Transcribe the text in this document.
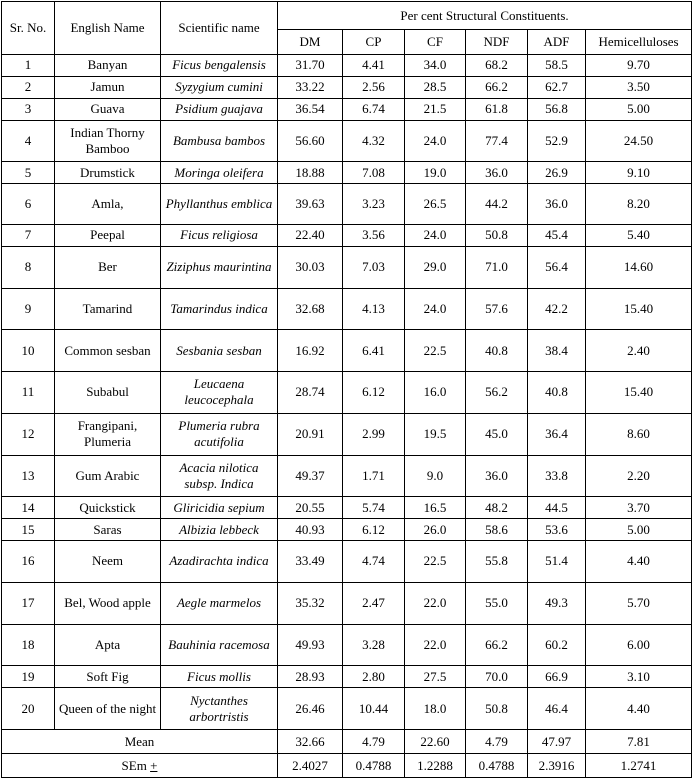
Sr. No.	English Name	Scientific name	Per cent Structural Constituents.					
			DM	CP	CF	NDF	ADF	Hemicelluloses
1	Banyan	Ficus bengalensis	31.70	4.41	34.0	68.2	58.5	9.70
2	Jamun	Syzygium cumini	33.22	2.56	28.5	66.2	62.7	3.50
3	Guava	Psidium guajava	36.54	6.74	21.5	61.8	56.8	5.00
4	Indian Thorny Bamboo	Bambusa bambos	56.60	4.32	24.0	77.4	52.9	24.50
5	Drumstick	Moringa oleifera	18.88	7.08	19.0	36.0	26.9	9.10
6	Amla,	Phyllanthus emblica	39.63	3.23	26.5	44.2	36.0	8.20
7	Peepal	Ficus religiosa	22.40	3.56	24.0	50.8	45.4	5.40
8	Ber	Ziziphus maurintina	30.03	7.03	29.0	71.0	56.4	14.60
9	Tamarind	Tamarindus indica	32.68	4.13	24.0	57.6	42.2	15.40
10	Common sesban	Sesbania sesban	16.92	6.41	22.5	40.8	38.4	2.40
11	Subabul	Leucaena leucocephala	28.74	6.12	16.0	56.2	40.8	15.40
12	Frangipani, Plumeria	Plumeria rubra acutifolia	20.91	2.99	19.5	45.0	36.4	8.60
13	Gum Arabic	Acacia nilotica subsp. Indica	49.37	1.71	9.0	36.0	33.8	2.20
14	Quickstick	Gliricidia sepium	20.55	5.74	16.5	48.2	44.5	3.70
15	Saras	Albizia lebbeck	40.93	6.12	26.0	58.6	53.6	5.00
16	Neem	Azadirachta indica	33.49	4.74	22.5	55.8	51.4	4.40
17	Bel, Wood apple	Aegle marmelos	35.32	2.47	22.0	55.0	49.3	5.70
18	Apta	Bauhinia racemosa	49.93	3.28	22.0	66.2	60.2	6.00
19	Soft Fig	Ficus mollis	28.93	2.80	27.5	70.0	66.9	3.10
20	Queen of the night	Nyctanthes arbortristis	26.46	10.44	18.0	50.8	46.4	4.40
Mean			32.66	4.79	22.60	4.79	47.97	7.81
SEm +			2.4027	0.4788	1.2288	0.4788	2.3916	1.2741
